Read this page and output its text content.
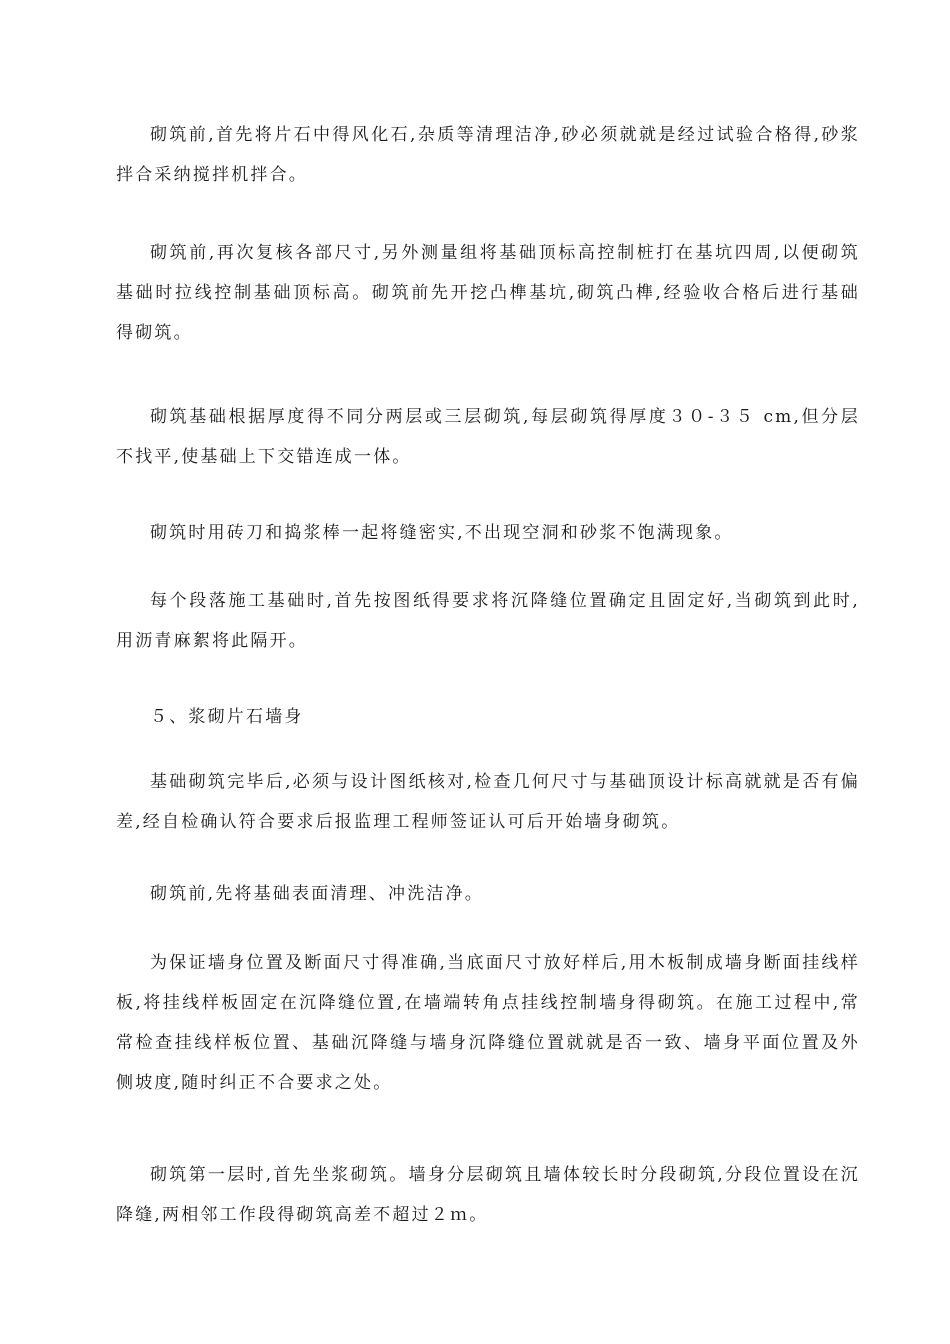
砌筑前,首先将片石中得风化石,杂质等清理洁净,砂必须就就是经过试验合格得,砂浆拌合采纳搅拌机拌合。

砌筑前,再次复核各部尺寸,另外测量组将基础顶标高控制桩打在基坑四周,以便砌筑基础时拉线控制基础顶标高。砌筑前先开挖凸榫基坑,砌筑凸榫,经验收合格后进行基础得砌筑。

砌筑基础根据厚度得不同分两层或三层砌筑,每层砌筑得厚度３０-３５ cm,但分层不找平,使基础上下交错连成一体。

砌筑时用砖刀和捣浆棒一起将缝密实,不出现空洞和砂浆不饱满现象。

每个段落施工基础时,首先按图纸得要求将沉降缝位置确定且固定好,当砌筑到此时,用沥青麻絮将此隔开。

５、浆砌片石墙身

基础砌筑完毕后,必须与设计图纸核对,检查几何尺寸与基础顶设计标高就就是否有偏差,经自检确认符合要求后报监理工程师签证认可后开始墙身砌筑。

砌筑前,先将基础表面清理、冲洗洁净。

为保证墙身位置及断面尺寸得准确,当底面尺寸放好样后,用木板制成墙身断面挂线样板,将挂线样板固定在沉降缝位置,在墙端转角点挂线控制墙身得砌筑。在施工过程中,常常检查挂线样板位置、基础沉降缝与墙身沉降缝位置就就是否一致、墙身平面位置及外侧坡度,随时纠正不合要求之处。

砌筑第一层时,首先坐浆砌筑。墙身分层砌筑且墙体较长时分段砌筑,分段位置设在沉降缝,两相邻工作段得砌筑高差不超过２ｍ。
